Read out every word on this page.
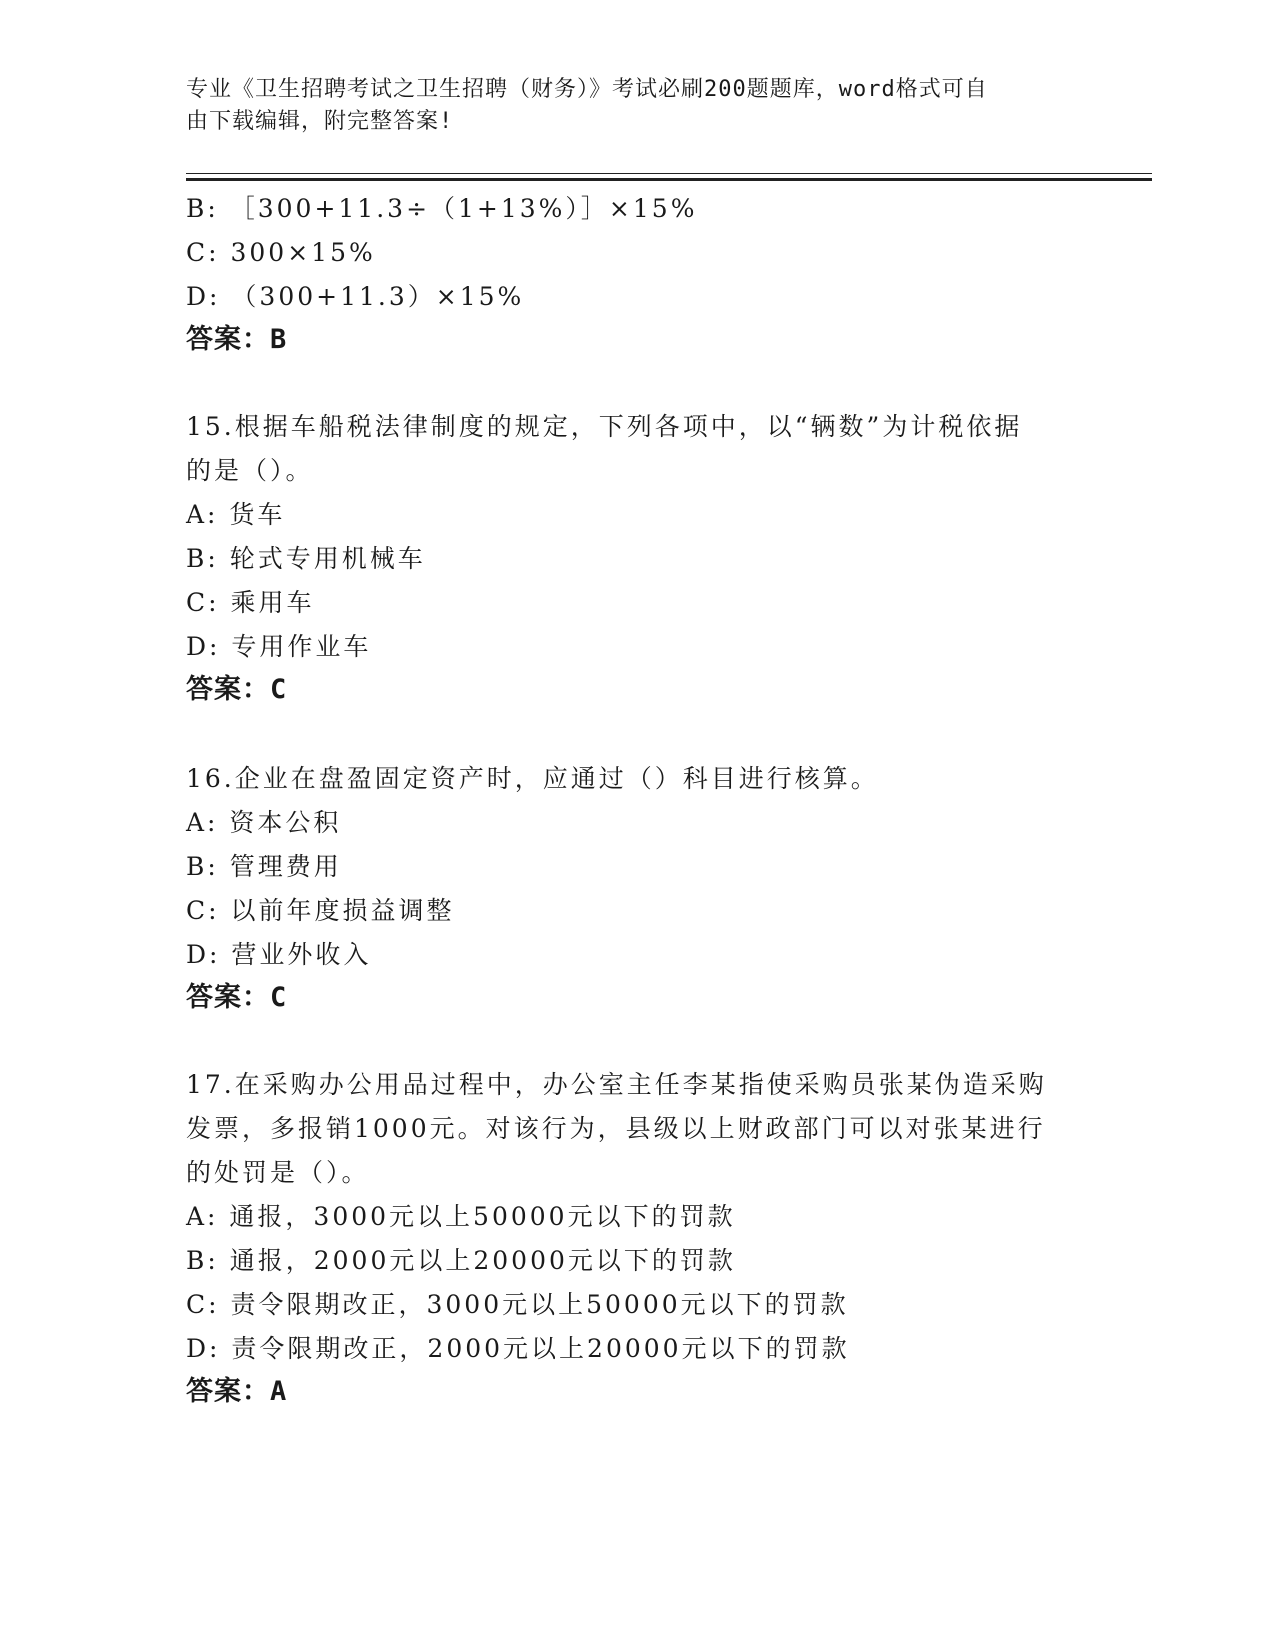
专业《卫生招聘考试之卫生招聘（财务）》考试必刷200题题库，word格式可自
由下载编辑，附完整答案!
B: ［300+11.3÷（1+13%）］×15%
C: 300×15%
D: （300+11.3）×15%
答案：B
15.根据车船税法律制度的规定，下列各项中，以“辆数”为计税依据
的是（）。
A: 货车
B: 轮式专用机械车
C: 乘用车
D: 专用作业车
答案：C
16.企业在盘盈固定资产时，应通过（）科目进行核算。
A: 资本公积
B: 管理费用
C: 以前年度损益调整
D: 营业外收入
答案：C
17.在采购办公用品过程中，办公室主任李某指使采购员张某伪造采购
发票，多报销1000元。对该行为，县级以上财政部门可以对张某进行
的处罚是（）。
A: 通报，3000元以上50000元以下的罚款
B: 通报，2000元以上20000元以下的罚款
C: 责令限期改正，3000元以上50000元以下的罚款
D: 责令限期改正，2000元以上20000元以下的罚款
答案：A
